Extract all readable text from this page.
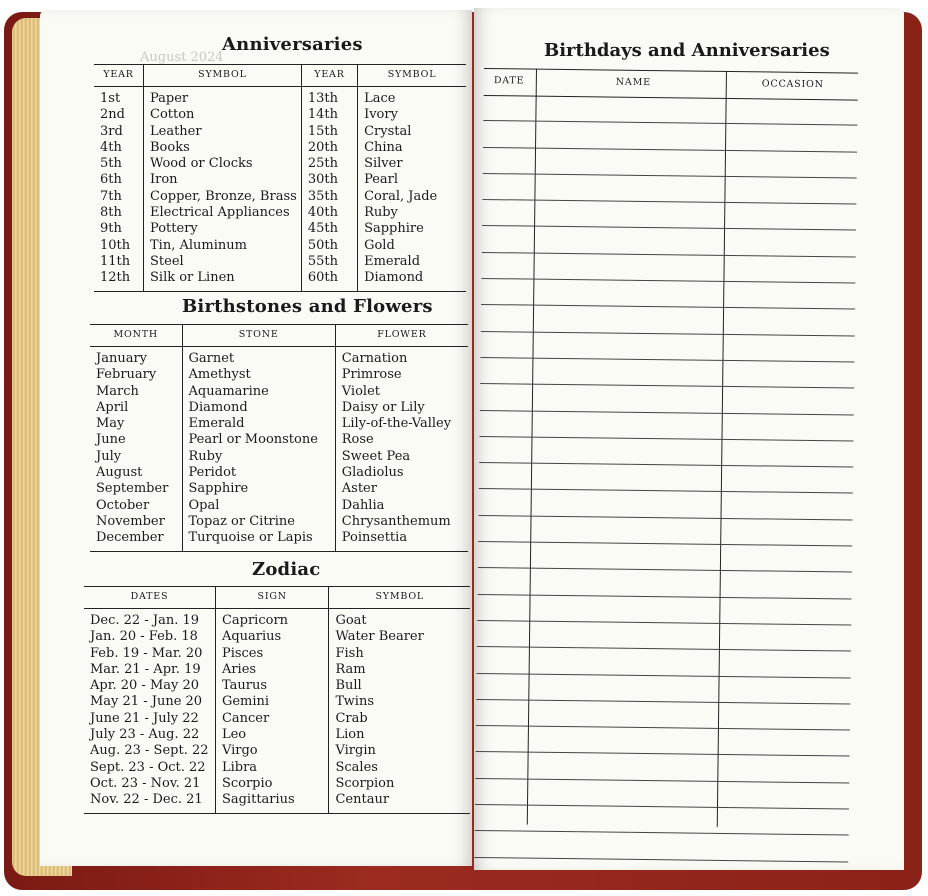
August 2024
Anniversaries
YEAR	SYMBOL	YEAR	SYMBOL
1st	Paper	13th	Lace
2nd	Cotton	14th	Ivory
3rd	Leather	15th	Crystal
4th	Books	20th	China
5th	Wood or Clocks	25th	Silver
6th	Iron	30th	Pearl
7th	Copper, Bronze, Brass	35th	Coral, Jade
8th	Electrical Appliances	40th	Ruby
9th	Pottery	45th	Sapphire
10th	Tin, Aluminum	50th	Gold
11th	Steel	55th	Emerald
12th	Silk or Linen	60th	Diamond
Birthstones and Flowers
MONTH	STONE	FLOWER
January	Garnet	Carnation
February	Amethyst	Primrose
March	Aquamarine	Violet
April	Diamond	Daisy or Lily
May	Emerald	Lily-of-the-Valley
June	Pearl or Moonstone	Rose
July	Ruby	Sweet Pea
August	Peridot	Gladiolus
September	Sapphire	Aster
October	Opal	Dahlia
November	Topaz or Citrine	Chrysanthemum
December	Turquoise or Lapis	Poinsettia
Zodiac
DATES	SIGN	SYMBOL
Dec. 22 - Jan. 19	Capricorn	Goat
Jan. 20 - Feb. 18	Aquarius	Water Bearer
Feb. 19 - Mar. 20	Pisces	Fish
Mar. 21 - Apr. 19	Aries	Ram
Apr. 20 - May 20	Taurus	Bull
May 21 - June 20	Gemini	Twins
June 21 - July 22	Cancer	Crab
July 23 - Aug. 22	Leo	Lion
Aug. 23 - Sept. 22	Virgo	Virgin
Sept. 23 - Oct. 22	Libra	Scales
Oct. 23 - Nov. 21	Scorpio	Scorpion
Nov. 22 - Dec. 21	Sagittarius	Centaur
Birthdays and Anniversaries
DATE	NAME	OCCASION
